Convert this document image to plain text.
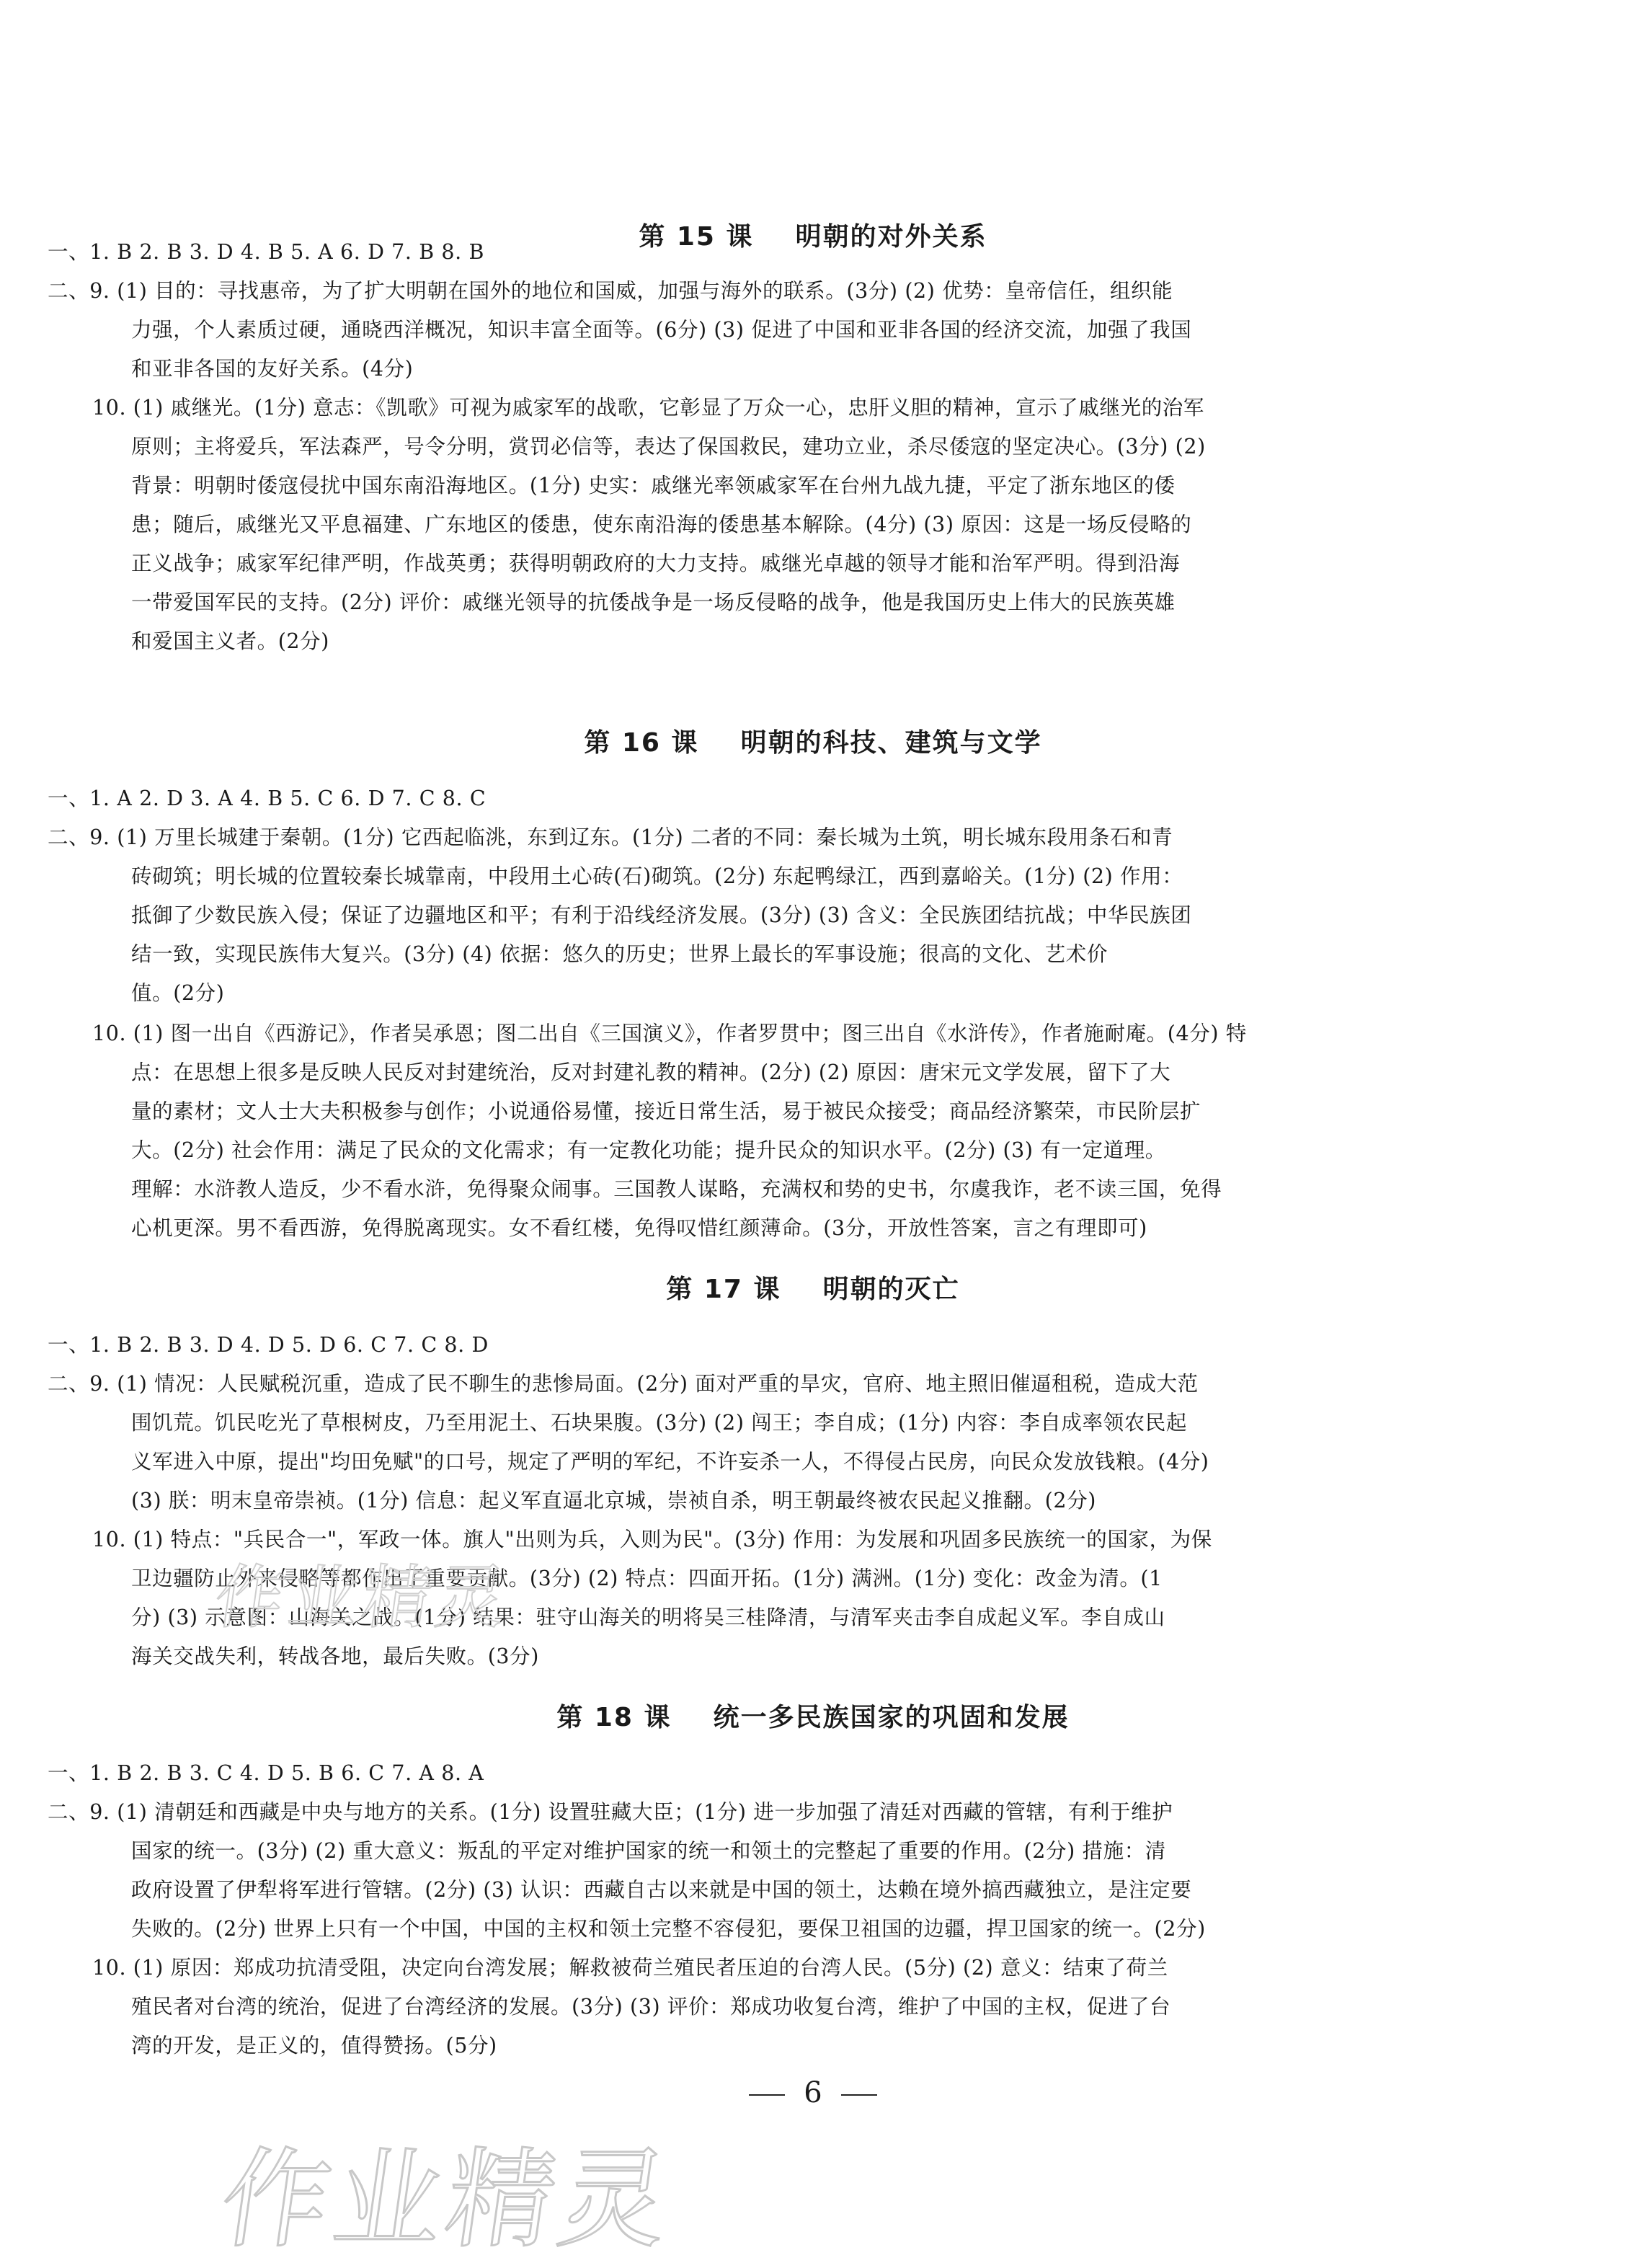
第 15 课    明朝的对外关系
一、1. B 2. B 3. D 4. B 5. A 6. D 7. B 8. B
二、9. (1) 目的：寻找惠帝，为了扩大明朝在国外的地位和国威，加强与海外的联系。(3分) (2) 优势：皇帝信任，组织能
力强，个人素质过硬，通晓西洋概况，知识丰富全面等。(6分) (3) 促进了中国和亚非各国的经济交流，加强了我国
和亚非各国的友好关系。(4分)
10. (1) 戚继光。(1分) 意志：《凯歌》可视为戚家军的战歌，它彰显了万众一心，忠肝义胆的精神，宣示了戚继光的治军
原则；主将爱兵，军法森严，号令分明，赏罚必信等，表达了保国救民，建功立业，杀尽倭寇的坚定决心。(3分) (2)
背景：明朝时倭寇侵扰中国东南沿海地区。(1分) 史实：戚继光率领戚家军在台州九战九捷，平定了浙东地区的倭
患；随后，戚继光又平息福建、广东地区的倭患，使东南沿海的倭患基本解除。(4分) (3) 原因：这是一场反侵略的
正义战争；戚家军纪律严明，作战英勇；获得明朝政府的大力支持。戚继光卓越的领导才能和治军严明。得到沿海
一带爱国军民的支持。(2分) 评价：戚继光领导的抗倭战争是一场反侵略的战争，他是我国历史上伟大的民族英雄
和爱国主义者。(2分)
第 16 课    明朝的科技、建筑与文学
一、1. A 2. D 3. A 4. B 5. C 6. D 7. C 8. C
二、9. (1) 万里长城建于秦朝。(1分) 它西起临洮，东到辽东。(1分) 二者的不同：秦长城为土筑，明长城东段用条石和青
砖砌筑；明长城的位置较秦长城靠南，中段用土心砖(石)砌筑。(2分) 东起鸭绿江，西到嘉峪关。(1分) (2) 作用：
抵御了少数民族入侵；保证了边疆地区和平；有利于沿线经济发展。(3分) (3) 含义：全民族团结抗战；中华民族团
结一致，实现民族伟大复兴。(3分) (4) 依据：悠久的历史；世界上最长的军事设施；很高的文化、艺术价
值。(2分)
10. (1) 图一出自《西游记》，作者吴承恩；图二出自《三国演义》，作者罗贯中；图三出自《水浒传》，作者施耐庵。(4分) 特
点：在思想上很多是反映人民反对封建统治，反对封建礼教的精神。(2分) (2) 原因：唐宋元文学发展，留下了大
量的素材；文人士大夫积极参与创作；小说通俗易懂，接近日常生活，易于被民众接受；商品经济繁荣，市民阶层扩
大。(2分) 社会作用：满足了民众的文化需求；有一定教化功能；提升民众的知识水平。(2分) (3) 有一定道理。
理解：水浒教人造反，少不看水浒，免得聚众闹事。三国教人谋略，充满权和势的史书，尔虞我诈，老不读三国，免得
心机更深。男不看西游，免得脱离现实。女不看红楼，免得叹惜红颜薄命。(3分，开放性答案，言之有理即可)
第 17 课    明朝的灭亡
一、1. B 2. B 3. D 4. D 5. D 6. C 7. C 8. D
二、9. (1) 情况：人民赋税沉重，造成了民不聊生的悲惨局面。(2分) 面对严重的旱灾，官府、地主照旧催逼租税，造成大范
围饥荒。饥民吃光了草根树皮，乃至用泥土、石块果腹。(3分) (2) 闯王；李自成；(1分) 内容：李自成率领农民起
义军进入中原，提出"均田免赋"的口号，规定了严明的军纪，不许妄杀一人，不得侵占民房，向民众发放钱粮。(4分)
(3) 朕：明末皇帝崇祯。(1分) 信息：起义军直逼北京城，崇祯自杀，明王朝最终被农民起义推翻。(2分)
10. (1) 特点："兵民合一"，军政一体。旗人"出则为兵，入则为民"。(3分) 作用：为发展和巩固多民族统一的国家，为保
卫边疆防止外来侵略等都作出了重要贡献。(3分) (2) 特点：四面开拓。(1分) 满洲。(1分) 变化：改金为清。(1
分) (3) 示意图：山海关之战。(1分) 结果：驻守山海关的明将吴三桂降清，与清军夹击李自成起义军。李自成山
海关交战失利，转战各地，最后失败。(3分)
第 18 课    统一多民族国家的巩固和发展
一、1. B 2. B 3. C 4. D 5. B 6. C 7. A 8. A
二、9. (1) 清朝廷和西藏是中央与地方的关系。(1分) 设置驻藏大臣；(1分) 进一步加强了清廷对西藏的管辖，有利于维护
国家的统一。(3分) (2) 重大意义：叛乱的平定对维护国家的统一和领土的完整起了重要的作用。(2分) 措施：清
政府设置了伊犁将军进行管辖。(2分) (3) 认识：西藏自古以来就是中国的领土，达赖在境外搞西藏独立，是注定要
失败的。(2分) 世界上只有一个中国，中国的主权和领土完整不容侵犯，要保卫祖国的边疆，捍卫国家的统一。(2分)
10. (1) 原因：郑成功抗清受阻，决定向台湾发展；解救被荷兰殖民者压迫的台湾人民。(5分) (2) 意义：结束了荷兰
殖民者对台湾的统治，促进了台湾经济的发展。(3分) (3) 评价：郑成功收复台湾，维护了中国的主权，促进了台
湾的开发，是正义的，值得赞扬。(5分)
6
作业精灵
作业精灵
